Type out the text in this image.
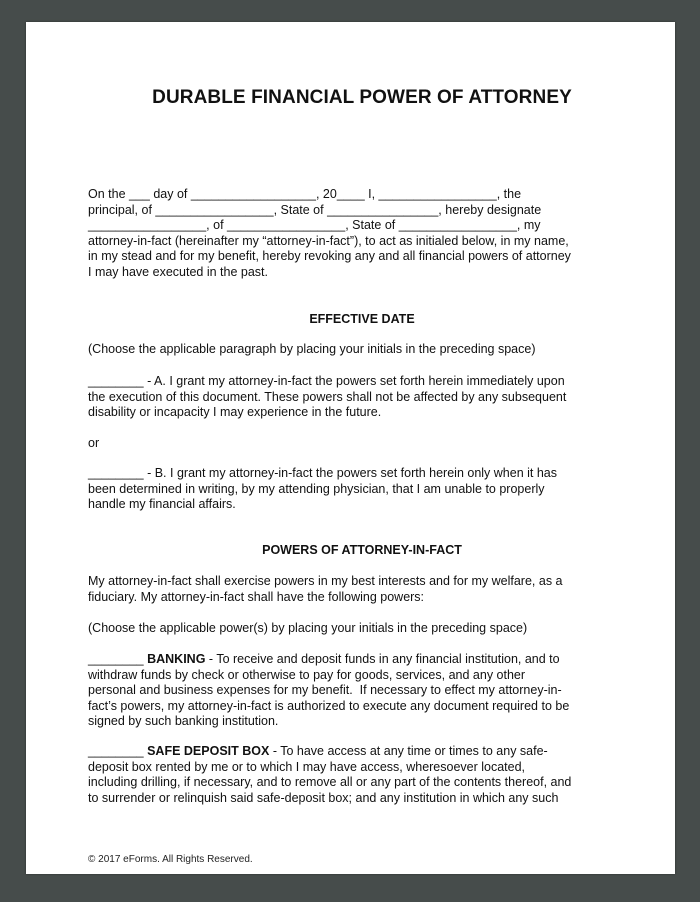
DURABLE FINANCIAL POWER OF ATTORNEY
On the ___ day of __________________, 20____ I, _________________, the
principal, of _________________, State of ________________, hereby designate
_________________, of _________________, State of _________________, my
attorney-in-fact (hereinafter my “attorney-in-fact”), to act as initialed below, in my name,
in my stead and for my benefit, hereby revoking any and all financial powers of attorney
I may have executed in the past.
EFFECTIVE DATE
(Choose the applicable paragraph by placing your initials in the preceding space)
________ - A. I grant my attorney-in-fact the powers set forth herein immediately upon
the execution of this document. These powers shall not be affected by any subsequent
disability or incapacity I may experience in the future.
or
________ - B. I grant my attorney-in-fact the powers set forth herein only when it has
been determined in writing, by my attending physician, that I am unable to properly
handle my financial affairs.
POWERS OF ATTORNEY-IN-FACT
My attorney-in-fact shall exercise powers in my best interests and for my welfare, as a
fiduciary. My attorney-in-fact shall have the following powers:
(Choose the applicable power(s) by placing your initials in the preceding space)
________ BANKING - To receive and deposit funds in any financial institution, and to
withdraw funds by check or otherwise to pay for goods, services, and any other
personal and business expenses for my benefit.  If necessary to effect my attorney-in-
fact’s powers, my attorney-in-fact is authorized to execute any document required to be
signed by such banking institution.
________ SAFE DEPOSIT BOX - To have access at any time or times to any safe-
deposit box rented by me or to which I may have access, wheresoever located,
including drilling, if necessary, and to remove all or any part of the contents thereof, and
to surrender or relinquish said safe-deposit box; and any institution in which any such
© 2017 eForms. All Rights Reserved.
